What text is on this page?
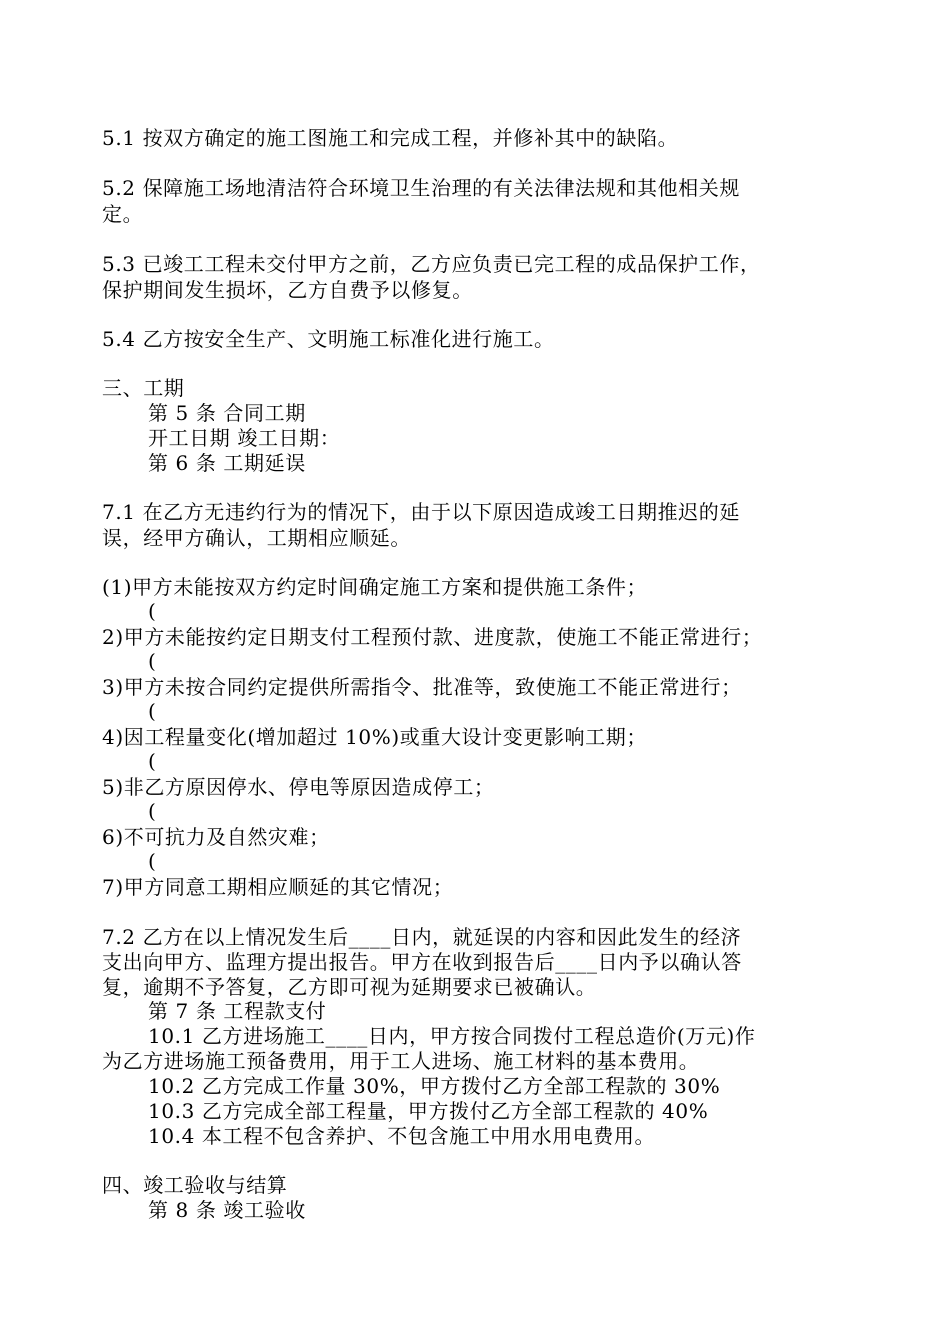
5.1 按双方确定的施工图施工和完成工程，并修补其中的缺陷。
5.2 保障施工场地清洁符合环境卫生治理的有关法律法规和其他相关规
定。
5.3 已竣工工程未交付甲方之前，乙方应负责已完工程的成品保护工作，
保护期间发生损坏，乙方自费予以修复。
5.4 乙方按安全生产、文明施工标准化进行施工。
三、工期
第 5 条 合同工期
开工日期 竣工日期：
第 6 条 工期延误
7.1 在乙方无违约行为的情况下，由于以下原因造成竣工日期推迟的延
误，经甲方确认，工期相应顺延。
(1)甲方未能按双方约定时间确定施工方案和提供施工条件；
(
2)甲方未能按约定日期支付工程预付款、进度款，使施工不能正常进行；
(
3)甲方未按合同约定提供所需指令、批准等，致使施工不能正常进行；
(
4)因工程量变化(增加超过 10%)或重大设计变更影响工期；
(
5)非乙方原因停水、停电等原因造成停工；
(
6)不可抗力及自然灾难；
(
7)甲方同意工期相应顺延的其它情况；
7.2 乙方在以上情况发生后____日内，就延误的内容和因此发生的经济
支出向甲方、监理方提出报告。甲方在收到报告后____日内予以确认答
复，逾期不予答复，乙方即可视为延期要求已被确认。
第 7 条 工程款支付
10.1 乙方进场施工____日内，甲方按合同拨付工程总造价(万元)作
为乙方进场施工预备费用，用于工人进场、施工材料的基本费用。
10.2 乙方完成工作量 30%，甲方拨付乙方全部工程款的 30%
10.3 乙方完成全部工程量，甲方拨付乙方全部工程款的 40%
10.4 本工程不包含养护、不包含施工中用水用电费用。
四、竣工验收与结算
第 8 条 竣工验收
